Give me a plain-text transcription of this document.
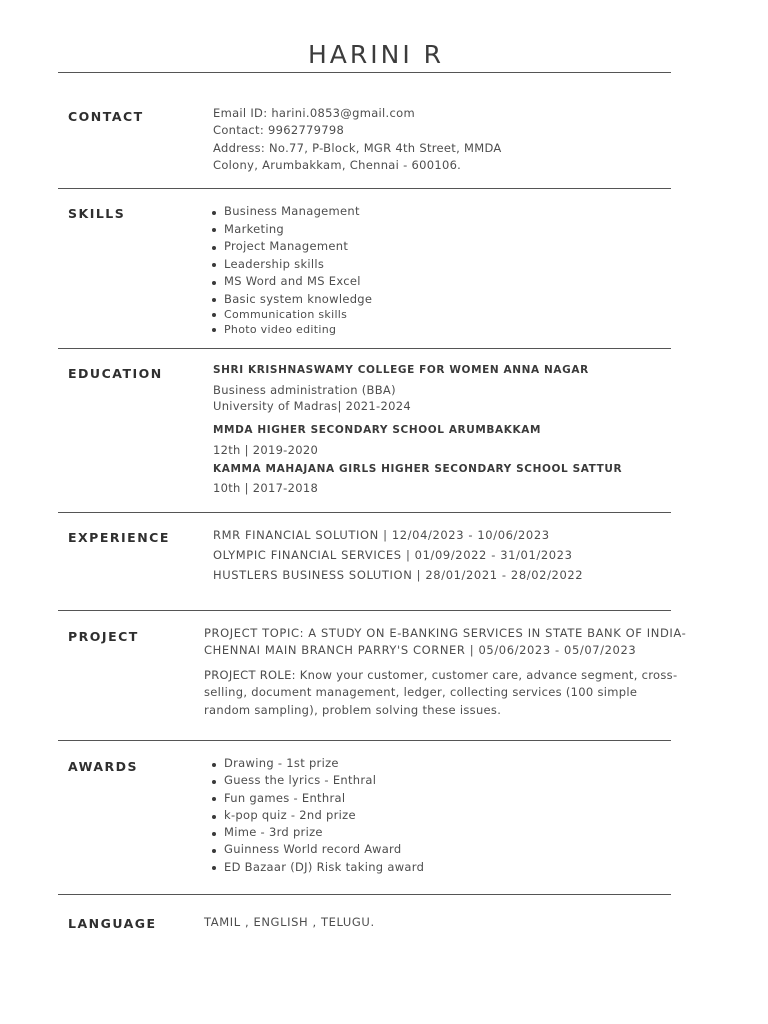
HARINI R
CONTACT	Email ID: harini.0853@gmail.com
Contact: 9962779798
Address: No.77, P-Block, MGR 4th Street, MMDA
Colony, Arumbakkam, Chennai - 600106.
SKILLS	Business Management
Marketing
Project Management
Leadership skills
MS Word and MS Excel
Basic system knowledge
Communication skills
Photo video editing
EDUCATION	SHRI KRISHNASWAMY COLLEGE FOR WOMEN ANNA NAGAR
Business administration (BBA)
University of Madras| 2021-2024
MMDA HIGHER SECONDARY SCHOOL ARUMBAKKAM
12th | 2019-2020
KAMMA MAHAJANA GIRLS HIGHER SECONDARY SCHOOL SATTUR
10th | 2017-2018
EXPERIENCE	RMR FINANCIAL SOLUTION | 12/04/2023 - 10/06/2023
OLYMPIC FINANCIAL SERVICES | 01/09/2022 - 31/01/2023
HUSTLERS BUSINESS SOLUTION | 28/01/2021 - 28/02/2022
PROJECT	PROJECT TOPIC: A STUDY ON E-BANKING SERVICES IN STATE BANK OF INDIA-
CHENNAI MAIN BRANCH PARRY'S CORNER | 05/06/2023 - 05/07/2023
PROJECT ROLE: Know your customer, customer care, advance segment, cross-
selling, document management, ledger, collecting services (100 simple
random sampling), problem solving these issues.
AWARDS	Drawing - 1st prize
Guess the lyrics - Enthral
Fun games - Enthral
k-pop quiz - 2nd prize
Mime - 3rd prize
Guinness World record Award
ED Bazaar (DJ) Risk taking award
LANGUAGE	TAMIL , ENGLISH , TELUGU.
